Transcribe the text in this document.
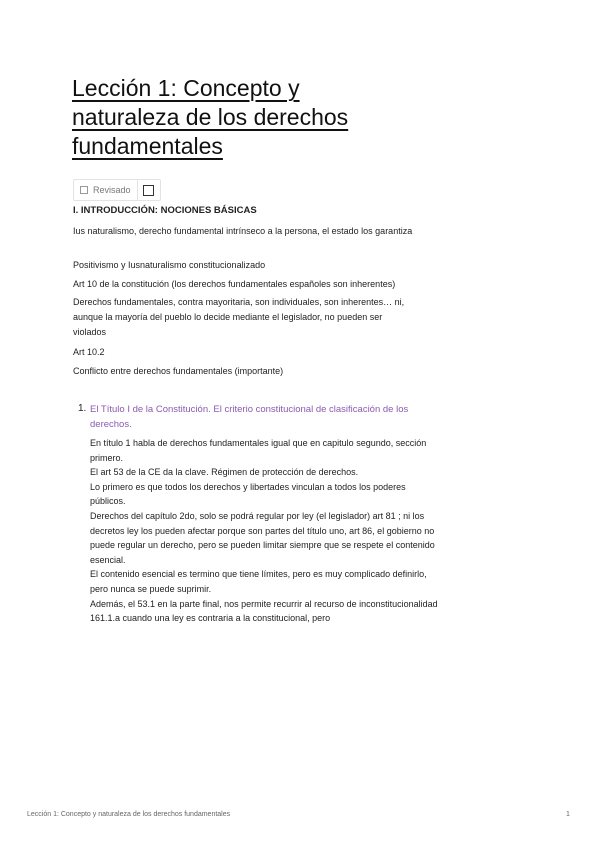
Lección 1: Concepto y naturaleza de los derechos fundamentales
Revisado
I. INTRODUCCIÓN: NOCIONES BÁSICAS

Ius naturalismo, derecho fundamental intrínseco a la persona, el estado los garantiza

Positivismo y Iusnaturalismo constitucionalizado

Art 10 de la constitución (los derechos fundamentales españoles son inherentes)

Derechos fundamentales, contra mayoritaria, son individuales, son inherentes… ni, aunque la mayoría del pueblo lo decide mediante el legislador, no pueden ser violados

Art 10.2

Conflicto entre derechos fundamentales (importante)

1. El Título I de la Constitución. El criterio constitucional de clasificación de los derechos.

En título 1 habla de derechos fundamentales igual que en capitulo segundo, sección primero.
El art 53 de la CE da la clave. Régimen de protección de derechos.
Lo primero es que todos los derechos y libertades vinculan a todos los poderes públicos.
Derechos del capítulo 2do, solo se podrá regular por ley (el legislador) art 81 ; ni los decretos ley los pueden afectar porque son partes del título uno, art 86, el gobierno no puede regular un derecho, pero se pueden limitar siempre que se respete el contenido esencial.
El contenido esencial es termino que tiene límites, pero es muy complicado definirlo, pero nunca se puede suprimir.
Además, el 53.1 en la parte final, nos permite recurrir al recurso de inconstitucionalidad 161.1.a cuando una ley es contraria a la constitucional, pero
Lección 1: Concepto y naturaleza de los derechos fundamentales	1
